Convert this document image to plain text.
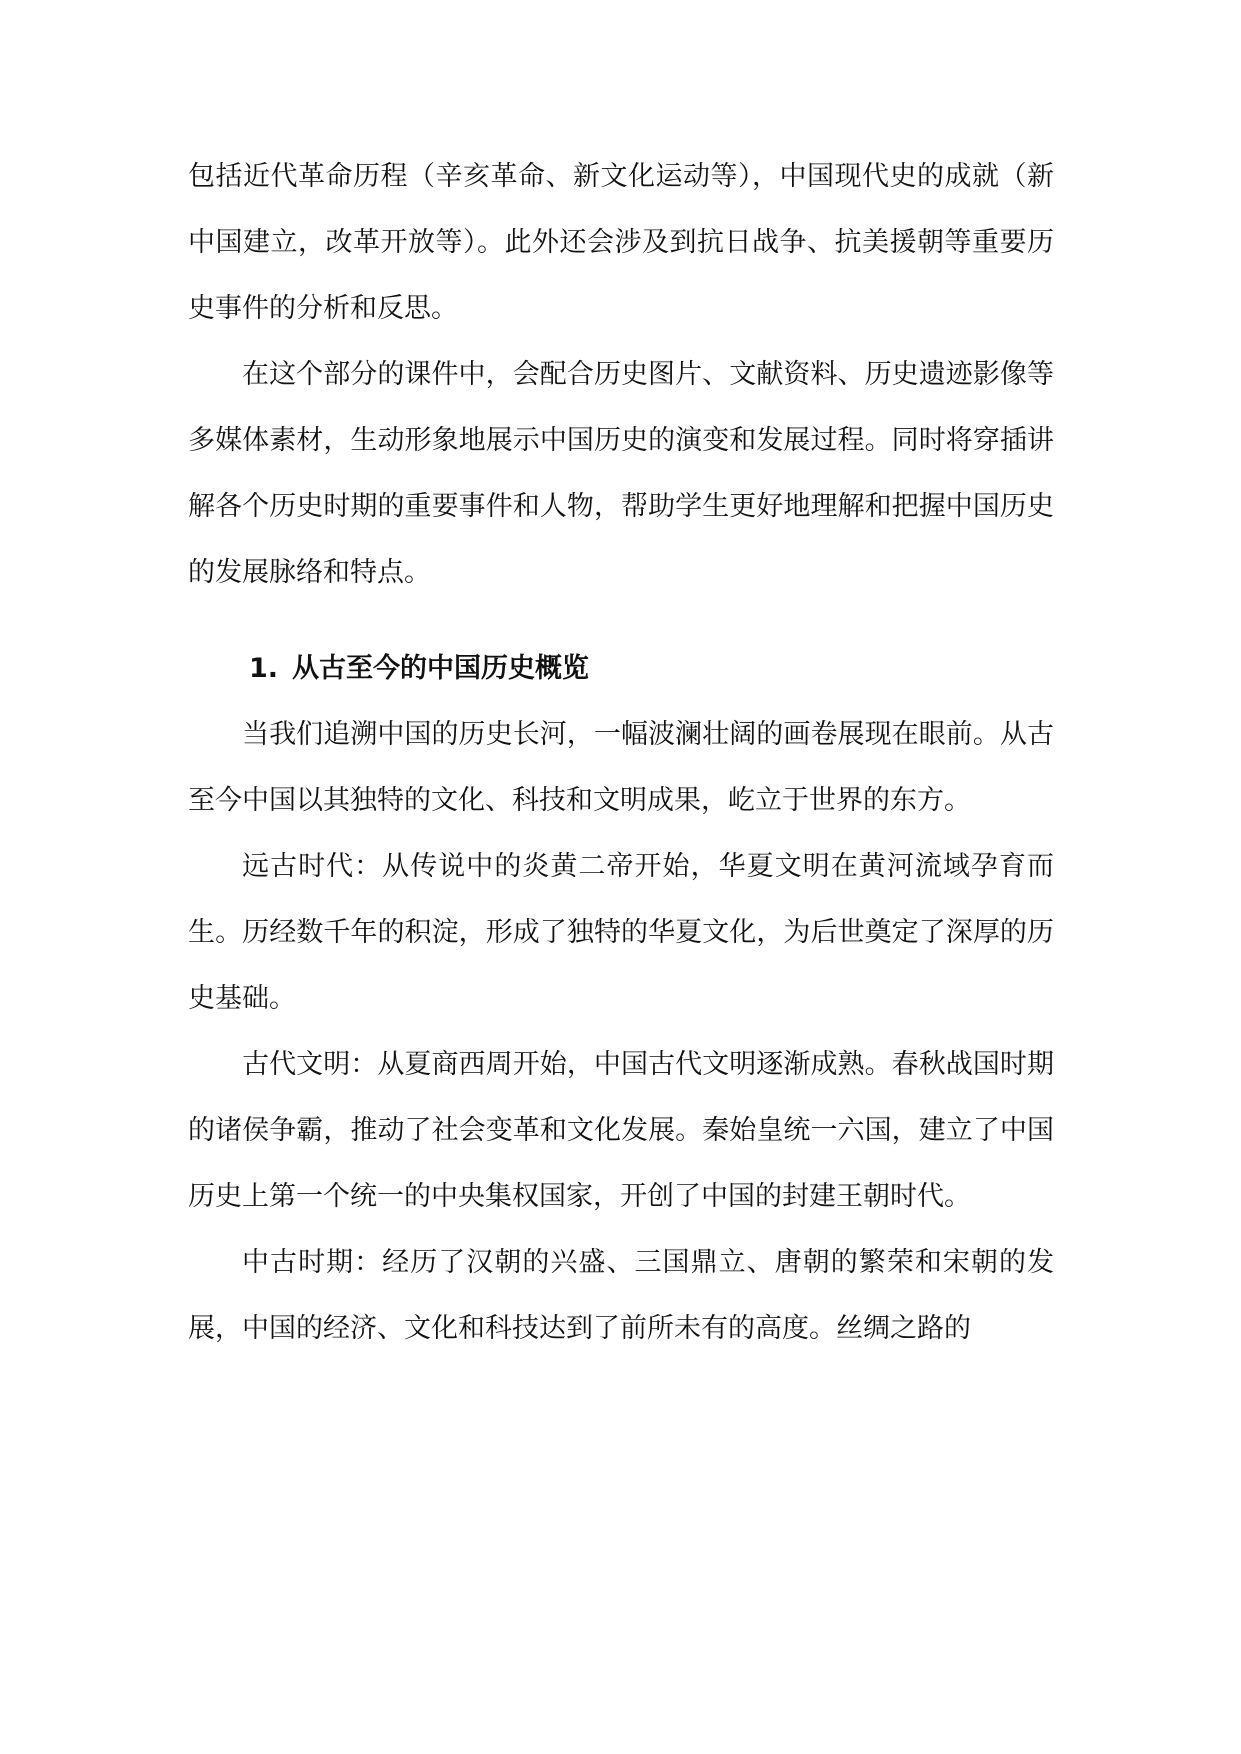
包括近代革命历程（辛亥革命、新文化运动等），中国现代史的成就（新中国建立，改革开放等）。此外还会涉及到抗日战争、抗美援朝等重要历史事件的分析和反思。

在这个部分的课件中，会配合历史图片、文献资料、历史遗迹影像等多媒体素材，生动形象地展示中国历史的演变和发展过程。同时将穿插讲解各个历史时期的重要事件和人物，帮助学生更好地理解和把握中国历史的发展脉络和特点。

1. 从古至今的中国历史概览

当我们追溯中国的历史长河，一幅波澜壮阔的画卷展现在眼前。从古至今中国以其独特的文化、科技和文明成果，屹立于世界的东方。

远古时代：从传说中的炎黄二帝开始，华夏文明在黄河流域孕育而生。历经数千年的积淀，形成了独特的华夏文化，为后世奠定了深厚的历史基础。

古代文明：从夏商西周开始，中国古代文明逐渐成熟。春秋战国时期的诸侯争霸，推动了社会变革和文化发展。秦始皇统一六国，建立了中国历史上第一个统一的中央集权国家，开创了中国的封建王朝时代。

中古时期：经历了汉朝的兴盛、三国鼎立、唐朝的繁荣和宋朝的发展，中国的经济、文化和科技达到了前所未有的高度。丝绸之路的
